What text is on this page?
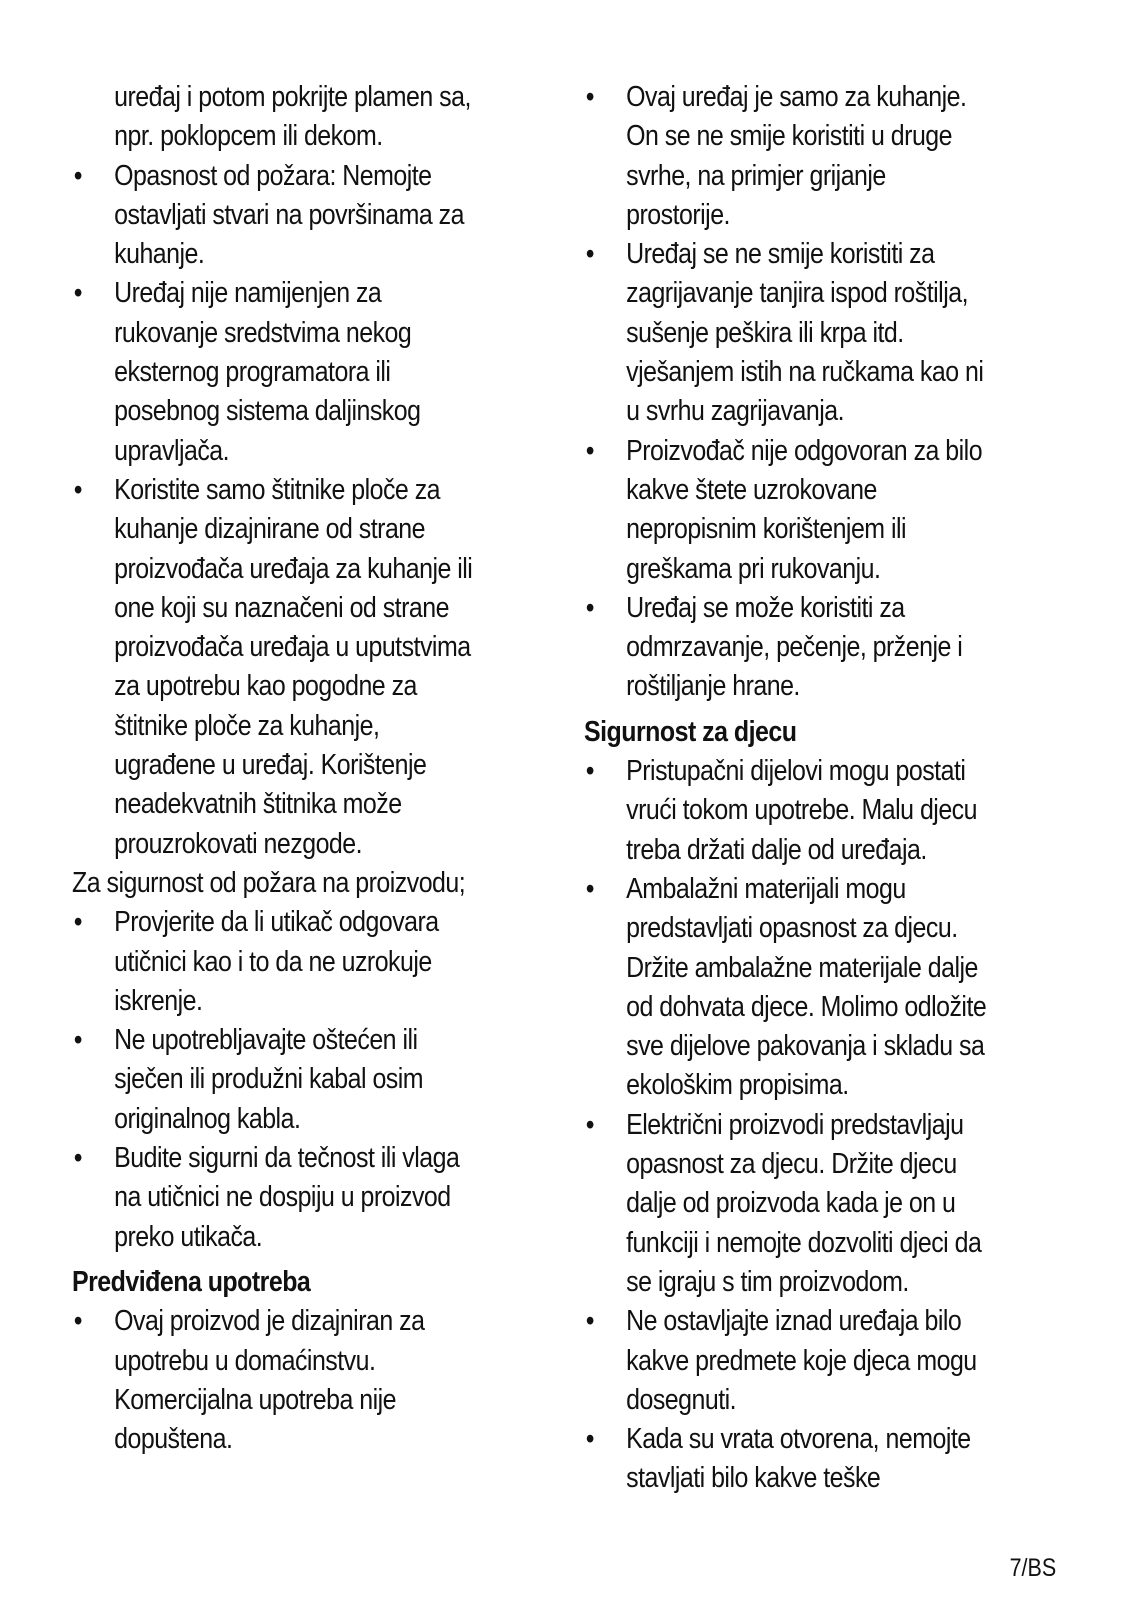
uređaj i potom pokrijte plamen sa,
npr. poklopcem ili dekom.

• Opasnost od požara: Nemojte
ostavljati stvari na površinama za
kuhanje.

• Uređaj nije namijenjen za
rukovanje sredstvima nekog
eksternog programatora ili
posebnog sistema daljinskog
upravljača.

• Koristite samo štitnike ploče za
kuhanje dizajnirane od strane
proizvođača uređaja za kuhanje ili
one koji su naznačeni od strane
proizvođača uređaja u uputstvima
za upotrebu kao pogodne za
štitnike ploče za kuhanje,
ugrađene u uređaj. Korištenje
neadekvatnih štitnika može
prouzrokovati nezgode.

Za sigurnost od požara na proizvodu;

• Provjerite da li utikač odgovara
utičnici kao i to da ne uzrokuje
iskrenje.

• Ne upotrebljavajte oštećen ili
sječen ili produžni kabal osim
originalnog kabla.

• Budite sigurni da tečnost ili vlaga
na utičnici ne dospiju u proizvod
preko utikača.

Predviđena upotreba

• Ovaj proizvod je dizajniran za
upotrebu u domaćinstvu.
Komercijalna upotreba nije
dopuštena.

• Ovaj uređaj je samo za kuhanje.
On se ne smije koristiti u druge
svrhe, na primjer grijanje
prostorije.

• Uređaj se ne smije koristiti za
zagrijavanje tanjira ispod roštilja,
sušenje peškira ili krpa itd.
vješanjem istih na ručkama kao ni
u svrhu zagrijavanja.

• Proizvođač nije odgovoran za bilo
kakve štete uzrokovane
nepropisnim korištenjem ili
greškama pri rukovanju.

• Uređaj se može koristiti za
odmrzavanje, pečenje, prženje i
roštiljanje hrane.

Sigurnost za djecu

• Pristupačni dijelovi mogu postati
vrući tokom upotrebe. Malu djecu
treba držati dalje od uređaja.

• Ambalažni materijali mogu
predstavljati opasnost za djecu.
Držite ambalažne materijale dalje
od dohvata djece. Molimo odložite
sve dijelove pakovanja i skladu sa
ekološkim propisima.

• Električni proizvodi predstavljaju
opasnost za djecu. Držite djecu
dalje od proizvoda kada je on u
funkciji i nemojte dozvoliti djeci da
se igraju s tim proizvodom.

• Ne ostavljajte iznad uređaja bilo
kakve predmete koje djeca mogu
dosegnuti.

• Kada su vrata otvorena, nemojte
stavljati bilo kakve teške

7/BS
